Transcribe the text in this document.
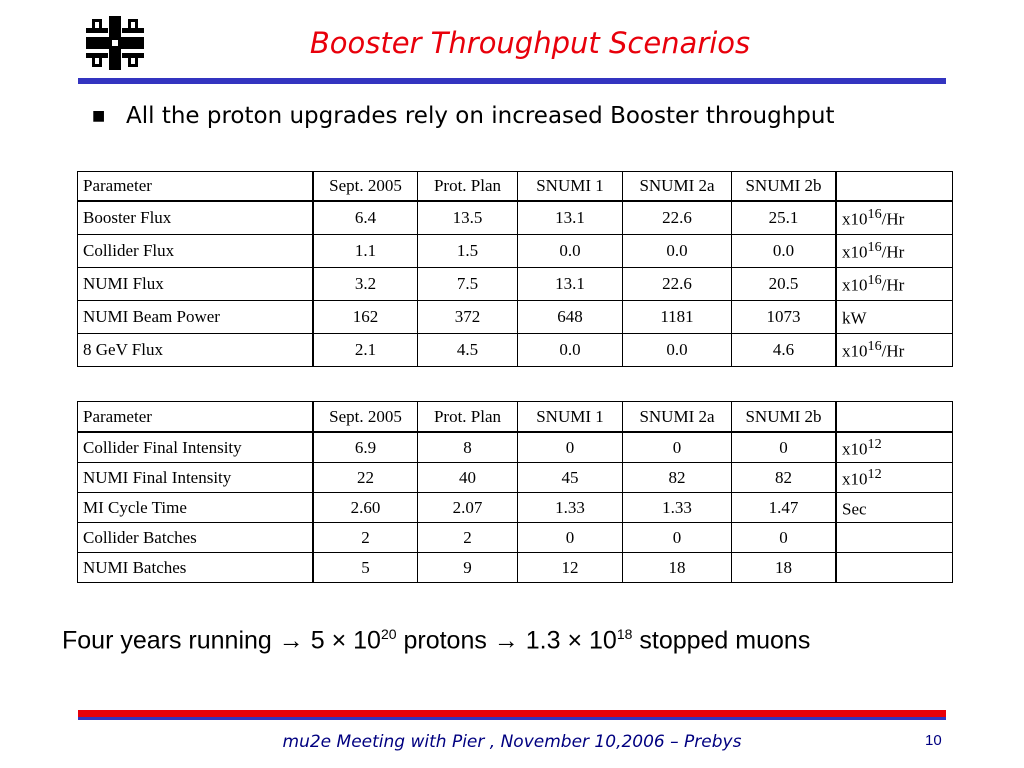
Booster Throughput Scenarios
■ All the proton upgrades rely on increased Booster throughput
Parameter	Sept. 2005	Prot. Plan	SNUMI 1	SNUMI 2a	SNUMI 2b	
Booster Flux	6.4	13.5	13.1	22.6	25.1	$x10^{16}/Hr$
Collider Flux	1.1	1.5	0.0	0.0	0.0	$x10^{16}/Hr$
NUMI Flux	3.2	7.5	13.1	22.6	20.5	$x10^{16}/Hr$
NUMI Beam Power	162	372	648	1181	1073	kW
8 GeV Flux	2.1	4.5	0.0	0.0	4.6	$x10^{16}/Hr$
Parameter	Sept. 2005	Prot. Plan	SNUMI 1	SNUMI 2a	SNUMI 2b	
Collider Final Intensity	6.9	8	0	0	0	$x10^{12}$
NUMI Final Intensity	22	40	45	82	82	$x10^{12}$
MI Cycle Time	2.60	2.07	1.33	1.33	1.47	Sec
Collider Batches	2	2	0	0	0	
NUMI Batches	5	9	12	18	18	
Four years running → $5 \times 10^{20}$ protons → $1.3 \times 10^{18}$ stopped muons
mu2e Meeting with Pier , November 10,2006 – Prebys	10
